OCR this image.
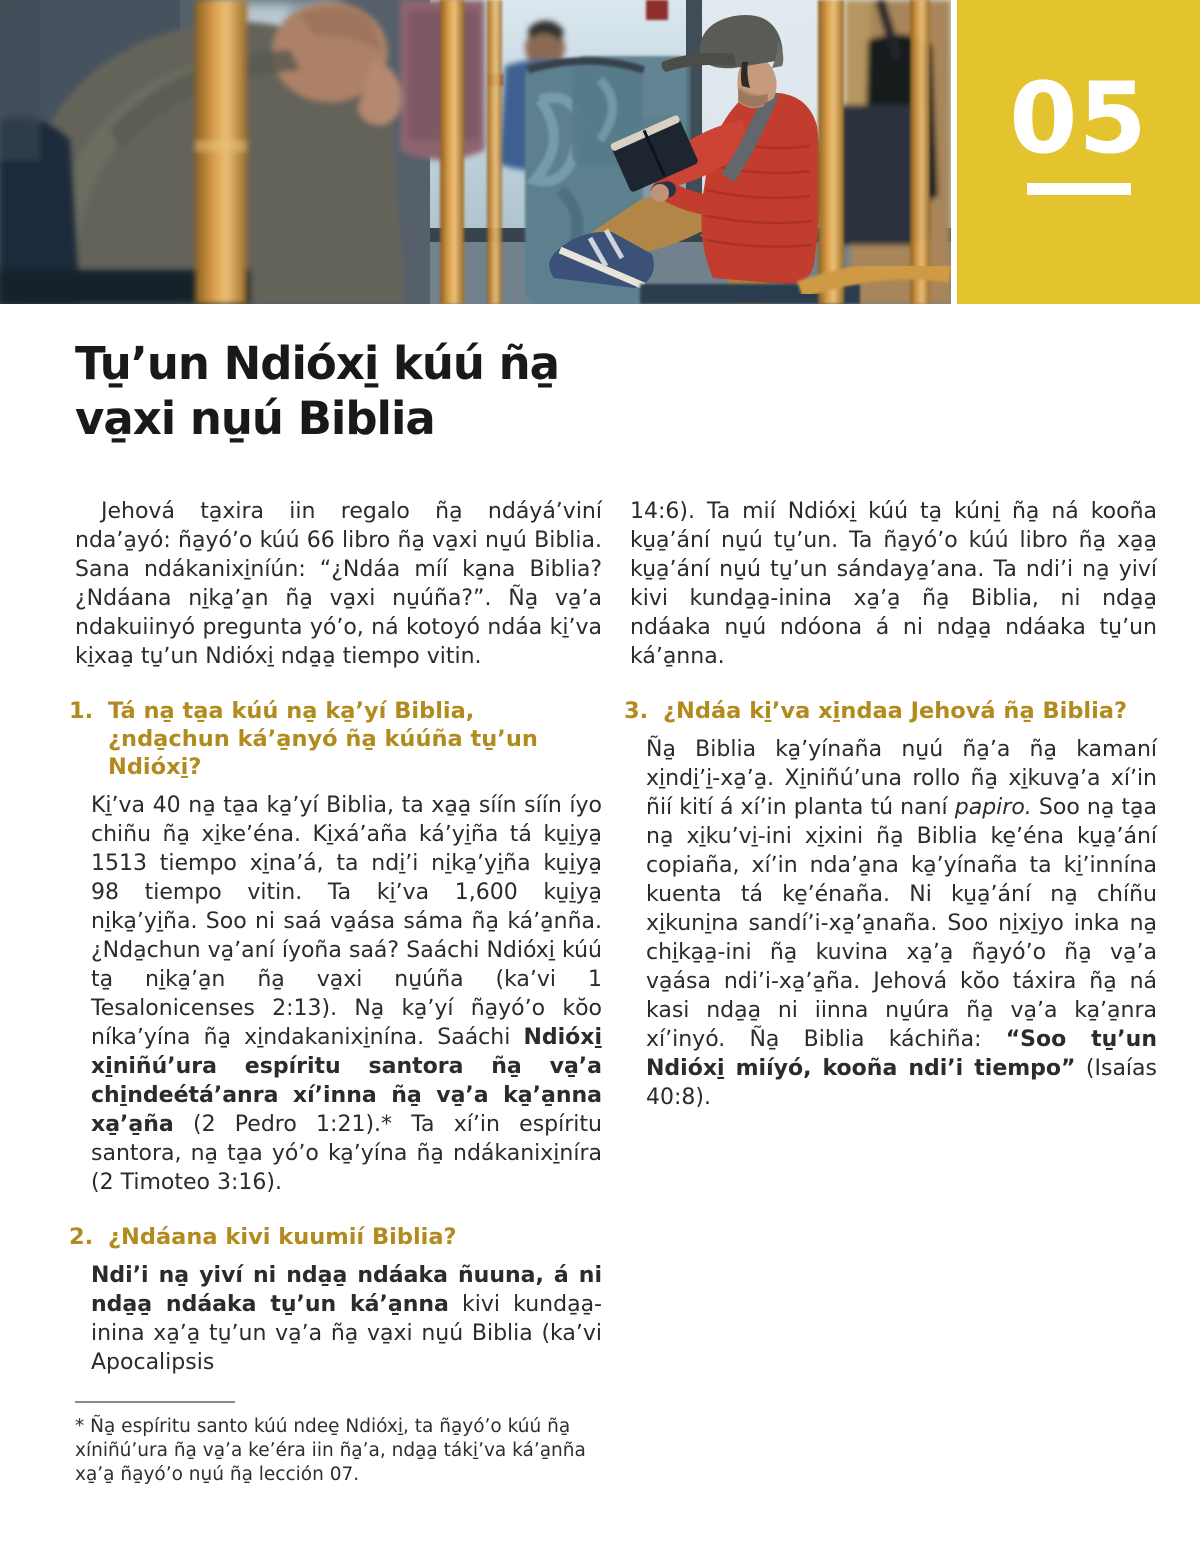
05
Tu̱ʼun Ndióxi̱ kúú ña̱
va̱xi nu̱ú Biblia

Jehová ta̱xira iin regalo ña̱ ndáyáʼviní ndaʼa̱yó: ña̱yóʼo kúú 66 libro ña̱ va̱xi nu̱ú Biblia. Sana ndákanixi̱níún: “¿Ndáa míí ka̱na Biblia? ¿Ndáana ni̱ka̱ʼa̱n ña̱ va̱xi nu̱úña?”. Ña̱ va̱ʼa ndakuiinyó pregunta yóʼo, ná kotoyó ndáa ki̱ʼva ki̱xaa̱ tu̱ʼun Ndióxi̱ nda̱a̱ tiempo vitin.

1. Tá na̱ ta̱a kúú na̱ ka̱ʼyí Biblia, ¿nda̱chun káʼa̱nyó ña̱ kúúña tu̱ʼun Ndióxi̱?

Ki̱ʼva 40 na̱ ta̱a ka̱ʼyí Biblia, ta xa̱a̱ síín síín íyo chiñu ña̱ xi̱keʼéna. Ki̱xáʼaña káʼyi̱ña tá ku̱i̱ya̱ 1513 tiempo xi̱naʼá, ta ndi̱ʼi ni̱ka̱ʼyi̱ña ku̱i̱ya̱ 98 tiempo vitin. Ta ki̱ʼva 1,600 ku̱i̱ya̱ ni̱ka̱ʼyi̱ña. Soo ni saá va̱ása sáma ña̱ káʼa̱nña. ¿Nda̱chun va̱ʼaní íyoña saá? Saáchi Ndióxi̱ kúú ta̱ ni̱ka̱ʼa̱n ña̱ va̱xi nu̱úña (kaʼvi 1 Tesalonicenses 2:13). Na̱ ka̱ʼyí ña̱yóʼo kŏo níkaʼyína ña̱ xi̱ndakanixi̱nína. Saáchi Ndióxi̱ xi̱niñúʼura espíritu santora ña̱ va̱ʼa chi̱ndeétáʼanra xíʼinna ña̱ va̱ʼa ka̱ʼa̱nna xa̱ʼa̱ña (2 Pedro 1:21).* Ta xíʼin espíritu santora, na̱ ta̱a yóʼo ka̱ʼyína ña̱ ndákanixi̱níra (2 Timoteo 3:16).

2. ¿Ndáana kivi kuumií Biblia?

Ndiʼi na̱ yiví ni nda̱a̱ ndáaka ñuuna, á ni nda̱a̱ ndáaka tu̱ʼun káʼa̱nna kivi kunda̱a̱-inina xa̱ʼa̱ tu̱ʼun va̱ʼa ña̱ va̱xi nu̱ú Biblia (kaʼvi Apocalipsis

* Ña̱ espíritu santo kúú ndee̱ Ndióxi̱, ta ña̱yóʼo kúú ña̱ xíniñúʼura ña̱ va̱ʼa keʼéra iin ña̱ʼa, nda̱a̱ táki̱ʼva káʼa̱nña xa̱ʼa̱ ña̱yóʼo nu̱ú ña̱ lección 07.

14:6). Ta mií Ndióxi̱ kúú ta̱ kúni̱ ña̱ ná kooña ku̱a̱ʼání nu̱ú tu̱ʼun. Ta ña̱yóʼo kúú libro ña̱ xa̱a̱ ku̱a̱ʼání nu̱ú tu̱ʼun sándaya̱ʼana. Ta ndiʼi na̱ yiví kivi kunda̱a̱-inina xa̱ʼa̱ ña̱ Biblia, ni nda̱a̱ ndáaka nu̱ú ndóona á ni nda̱a̱ ndáaka tu̱ʼun káʼa̱nna.

3. ¿Ndáa ki̱ʼva xi̱ndaa Jehová ña̱ Biblia?

Ña̱ Biblia ka̱ʼyínaña nu̱ú ña̱ʼa ña̱ kamaní xi̱ndi̱ʼi̱-xa̱ʼa̱. Xi̱niñúʼuna rollo ña̱ xi̱kuva̱ʼa xíʼin ñií kití á xíʼin planta tú naní papiro. Soo na̱ ta̱a na̱ xi̱kuʼvi̱-ini xi̱xini ña̱ Biblia ke̱ʼéna ku̱a̱ʼání copiaña, xíʼin ndaʼa̱na ka̱ʼyínaña ta ki̱ʼinnína kuenta tá ke̱ʼénaña. Ni ku̱a̱ʼání na̱ chíñu xi̱kuni̱na sandíʼi-xa̱ʼa̱naña. Soo ni̱xi̱yo inka na̱ chi̱ka̱a̱-ini ña̱ kuvina xa̱ʼa̱ ña̱yóʼo ña̱ va̱ʼa va̱ása ndiʼi-xa̱ʼa̱ña. Jehová kŏo táxira ña̱ ná kasi nda̱a̱ ni iinna nu̱úra ña̱ va̱ʼa ka̱ʼa̱nra xíʼinyó. Ña̱ Biblia káchiña: “Soo tu̱ʼun Ndióxi̱ miíyó, kooña ndiʼi tiempo” (Isaías 40:8).
